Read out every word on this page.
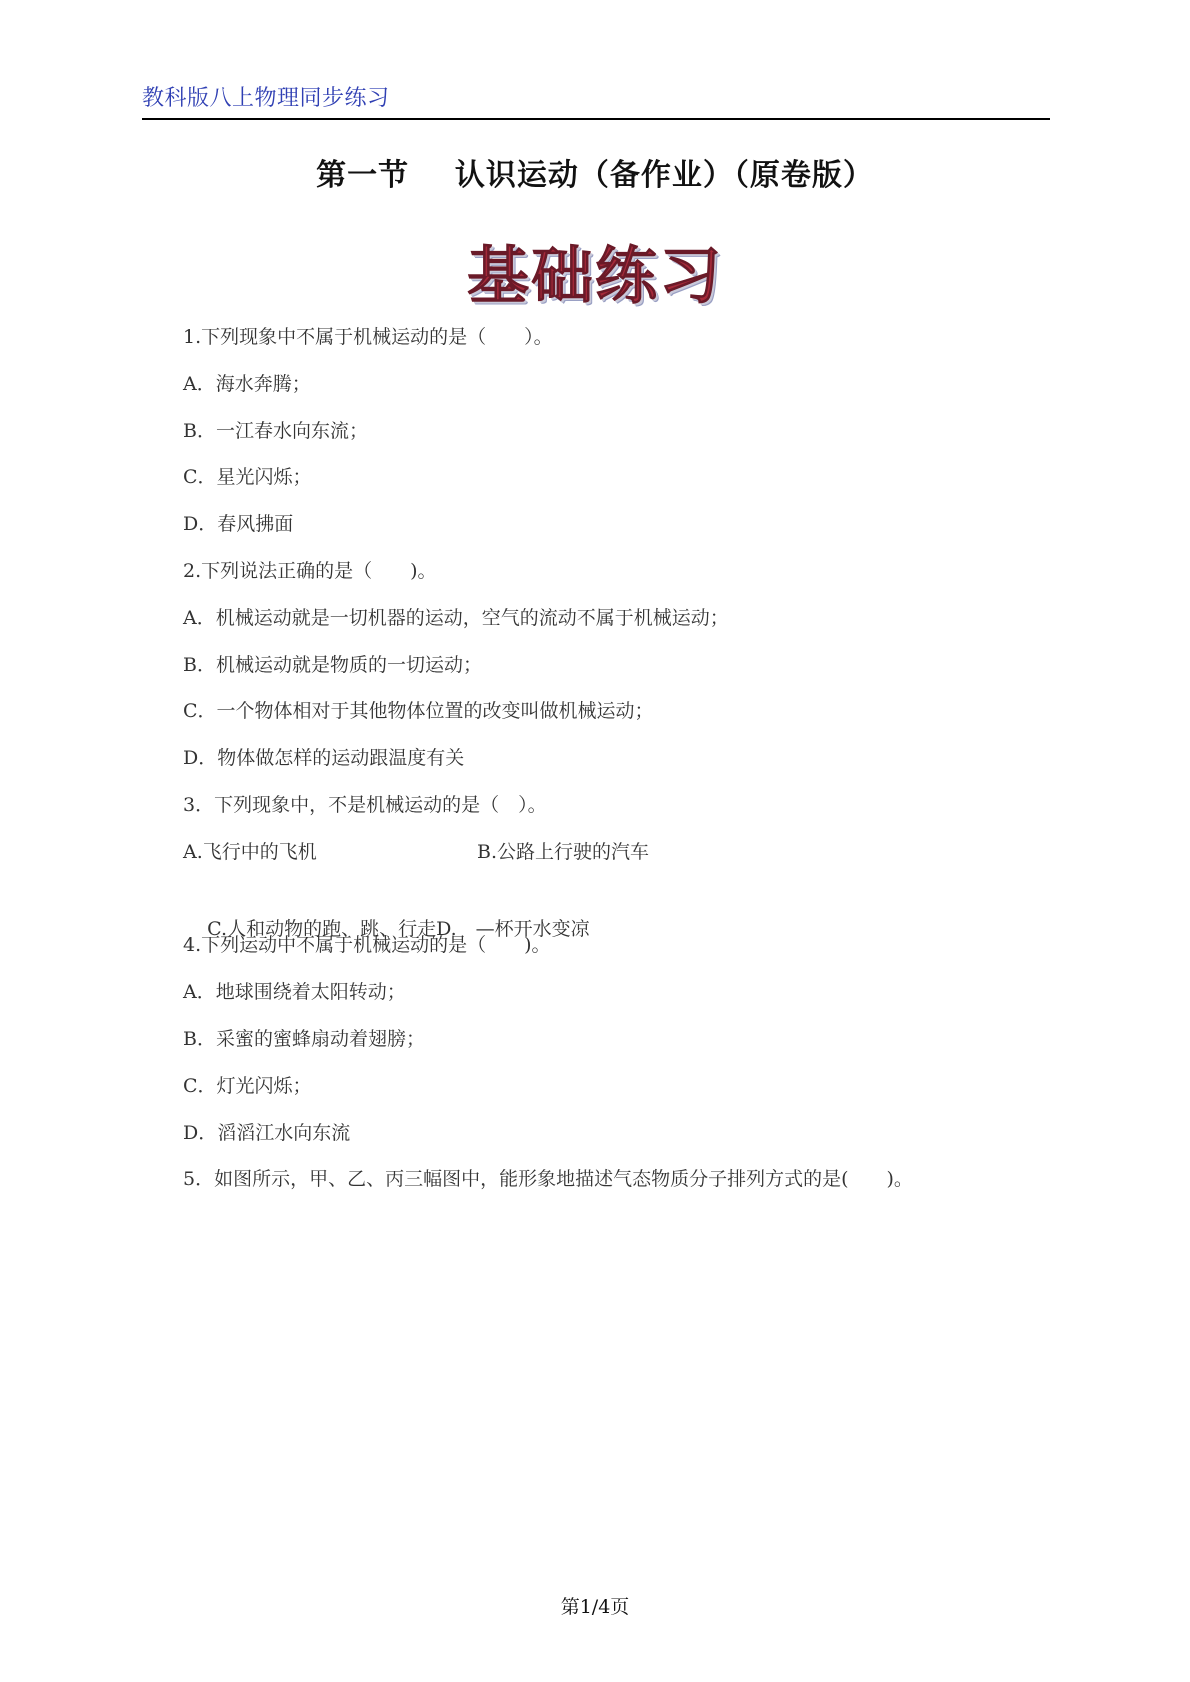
教科版八上物理同步练习
第一节    认识运动（备作业）（原卷版）
基础练习
1.下列现象中不属于机械运动的是（　　）。
A．海水奔腾；
B．一江春水向东流；
C．星光闪烁；
D．春风拂面
2.下列说法正确的是（　　)。
A．机械运动就是一切机器的运动，空气的流动不属于机械运动；
B．机械运动就是物质的一切运动；
C．一个物体相对于其他物体位置的改变叫做机械运动；
D．物体做怎样的运动跟温度有关
3．下列现象中，不是机械运动的是（　）。
A.飞行中的飞机	B.公路上行驶的汽车

C.人和动物的跑、跳、行走D.　—杯开水变凉

4.下列运动中不属于机械运动的是（　　)。
A．地球围绕着太阳转动；
B．采蜜的蜜蜂扇动着翅膀；
C．灯光闪烁；
D．滔滔江水向东流
5．如图所示，甲、乙、丙三幅图中，能形象地描述气态物质分子排列方式的是(　　)。
第1/4页
